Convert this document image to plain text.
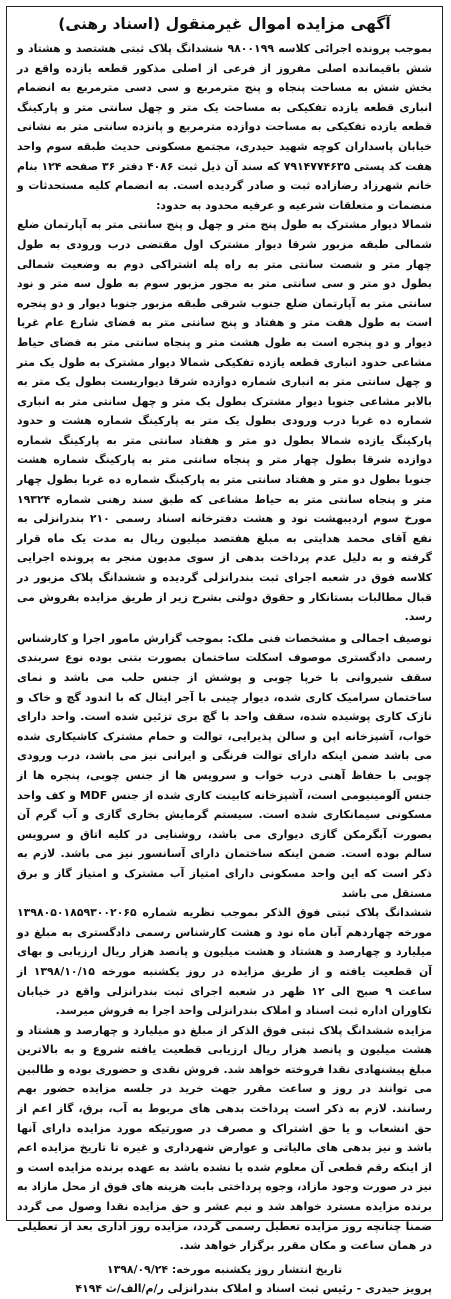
آگهی مزایده اموال غیرمنقول (اسناد رهنی)

بموجب پرونده اجرائی کلاسه ۹۸۰۰۱۹۹ ششدانگ پلاک ثبتی هشتصد و هشتاد و شش باقیمانده اصلی مفروز از فرعی از اصلی مذکور قطعه یازده واقع در بخش شش به مساحت پنجاه و پنج مترمربع و سی دسی مترمربع به انضمام انباری قطعه یازده تفکیکی به مساحت یک متر و چهل سانتی متر و پارکینگ قطعه یازده تفکیکی به مساحت دوازده مترمربع و پانزده سانتی متر به نشانی خیابان پاسداران کوچه شهید حیدری، مجتمع مسکونی حدیث طبقه سوم واحد هفت کد پستی ۷۹۱۴۷۷۴۶۳۵ که سند آن ذیل ثبت ۴۰۸۶ دفتر ۳۶ صفحه ۱۲۴ بنام خانم شهرزاد رضازاده ثبت و صادر گردیده است. به انضمام کلیه مستحدثات و منضمات و متعلقات شرعیه و عرفیه محدود به حدود:

شمالا دیوار مشترک به طول پنج متر و چهل و پنج سانتی متر به آپارتمان ضلع شمالی طبقه مزبور شرقا دیوار مشترک اول مقتضی درب ورودی به طول چهار متر و شصت سانتی متر به راه پله اشتراکی دوم به وضعیت شمالی بطول دو متر و سی سانتی متر به مجور مزبور سوم به طول سه متر و نود سانتی متر به آپارتمان ضلع جنوب شرقی طبقه مزبور جنوبا دیوار و دو پنجره است به طول هفت متر و هفتاد و پنج سانتی متر به فضای شارع عام غربا دیوار و دو پنجره است به طول هشت متر و پنجاه سانتی متر به فضای حیاط مشاعی حدود انباری قطعه یازده تفکیکی شمالا دیوار مشترک به طول یک متر و چهل سانتی متر به انباری شماره دوازده شرقا دیواریست بطول یک متر به بالابر مشاعی جنوبا دیوار مشترک بطول یک متر و چهل سانتی متر به انباری شماره ده غربا درب ورودی بطول یک متر به پارکینگ شماره هشت و حدود پارکینگ یازده شمالا بطول دو متر و هفتاد سانتی متر به پارکینگ شماره دوازده شرقا بطول چهار متر و پنجاه سانتی متر به پارکینگ شماره هشت جنوبا بطول دو متر و هفتاد سانتی متر به پارکینگ شماره ده غربا بطول چهار متر و پنجاه سانتی متر به حیاط مشاعی که طبق سند رهنی شماره ۱۹۳۲۴ مورخ سوم اردیبهشت نود و هشت دفترخانه اسناد رسمی ۲۱۰ بندرانزلی به نفع آقای محمد هدایتی به مبلغ هفتصد میلیون ریال به مدت یک ماه قرار گرفته و به دلیل عدم پرداخت بدهی از سوی مدیون منجر به پرونده اجرایی کلاسه فوق در شعبه اجرای ثبت بندرانزلی گردیده و ششدانگ پلاک مزبور در قبال مطالبات بستانکار و حقوق دولتی بشرح زیر از طریق مزایده بفروش می رسد.

توصیف اجمالی و مشخصات فنی ملک: بموجب گزارش مامور اجرا و کارشناس رسمی دادگستری موصوف اسکلت ساختمان بصورت بتنی بوده نوع سربندی سقف شیروانی با خرپا چوبی و پوشش از جنس حلب می باشد و نمای ساختمان سرامیک کاری شده، دیوار چینی با آجر ایتال که با اندود گچ و خاک و نازک کاری پوشیده شده، سقف واحد با گچ بری تزئین شده است. واحد دارای خواب، آشپزخانه اپن و سالن پذیرایی، توالت و حمام مشترک کاشیکاری شده می باشد ضمن اینکه دارای توالت فرنگی و ایرانی نیز می باشد، درب ورودی چوبی با حفاظ آهنی درب خواب و سرویس ها از جنس چوبی، پنجره ها از جنس آلومینیومی است، آشپزخانه کابینت کاری شده از جنس MDF و کف واحد مسکونی سیمانکاری شده است. سیستم گرمایش بخاری گازی و آب گرم آن بصورت آبگرمکن گازی دیواری می باشد، روشنایی در کلیه اتاق و سرویس سالم بوده است. ضمن اینکه ساختمان دارای آسانسور نیز می باشد. لازم به ذکر است که این واحد مسکونی دارای امتیاز آب مشترک و امتیاز گاز و برق مستقل می باشد

ششدانگ پلاک ثبتی فوق الذکر بموجب نظریه شماره ۱۳۹۸۰۵۰۱۸۵۹۳۰۰۲۰۶۵ مورخه چهاردهم آبان ماه نود و هشت کارشناس رسمی دادگستری به مبلغ دو میلیارد و چهارصد و هشتاد و هشت میلیون و پانصد هزار ریال ارزیابی و بهای آن قطعیت یافته و از طریق مزایده در روز یکشنبه مورخه ۱۳۹۸/۱۰/۱۵ از ساعت ۹ صبح الی ۱۲ ظهر در شعبه اجرای ثبت بندرانزلی واقع در خیابان تکاوران اداره ثبت اسناد و املاک بندرانزلی واحد اجرا به فروش میرسد.

مزایده ششدانگ پلاک ثبتی فوق الذکر از مبلغ دو میلیارد و چهارصد و هشتاد و هشت میلیون و پانصد هزار ریال ارزیابی قطعیت یافته شروع و به بالاترین مبلغ پیشنهادی نقدا فروخته خواهد شد. فروش نقدی و حضوری بوده و طالبین می توانند در روز و ساعت مقرر جهت خرید در جلسه مزایده حضور بهم رسانند. لازم به ذکر است پرداخت بدهی های مربوط به آب، برق، گاز اعم از حق انشعاب و یا حق اشتراک و مصرف در صورتیکه مورد مزایده دارای آنها باشد و نیز بدهی های مالیاتی و عوارض شهرداری و غیره تا تاریخ مزایده اعم از اینکه رقم قطعی آن معلوم شده یا نشده باشد به عهده برنده مزایده است و نیز در صورت وجود مازاد، وجوه پرداختی بابت هزینه های فوق از محل مازاد به برنده مزایده مسترد خواهد شد و نیم عشر و حق مزایده نقدا وصول می گردد ضمنا چنانچه روز مزایده تعطیل رسمی گردد، مزایده روز اداری بعد از تعطیلی در همان ساعت و مکان مقرر برگزار خواهد شد.

تاریخ انتشار روز یکشنبه مورخه: ۱۳۹۸/۰۹/۲۴
پرویز حیدری - رئیس ثبت اسناد و املاک بندرانزلی ر/م/الف/ث ۴۱۹۴
